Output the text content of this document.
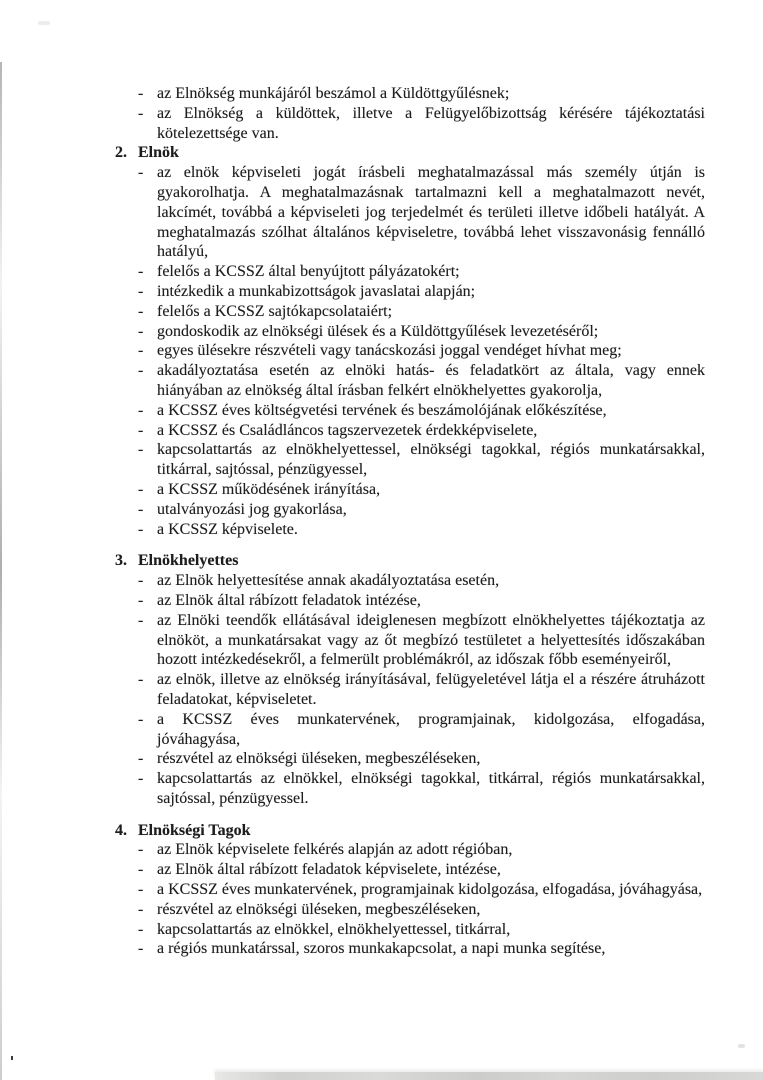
- az Elnökség munkájáról beszámol a Küldöttgyűlésnek;
- az Elnökség a küldöttek, illetve a Felügyelőbizottság kérésére tájékoztatási kötelezettsége van.
2. Elnök
- az elnök képviseleti jogát írásbeli meghatalmazással más személy útján is gyakorolhatja. A meghatalmazásnak tartalmazni kell a meghatalmazott nevét, lakcímét, továbbá a képviseleti jog terjedelmét és területi illetve időbeli hatályát. A meghatalmazás szólhat általános képviseletre, továbbá lehet visszavonásig fennálló hatályú,
- felelős a KCSSZ által benyújtott pályázatokért;
- intézkedik a munkabizottságok javaslatai alapján;
- felelős a KCSSZ sajtókapcsolataiért;
- gondoskodik az elnökségi ülések és a Küldöttgyűlések levezetéséről;
- egyes ülésekre részvételi vagy tanácskozási joggal vendéget hívhat meg;
- akadályoztatása esetén az elnöki hatás- és feladatkört az általa, vagy ennek hiányában az elnökség által írásban felkért elnökhelyettes gyakorolja,
- a KCSSZ éves költségvetési tervének és beszámolójának előkészítése,
- a KCSSZ és Családláncos tagszervezetek érdekképviselete,
- kapcsolattartás az elnökhelyettessel, elnökségi tagokkal, régiós munkatársakkal, titkárral, sajtóssal, pénzügyessel,
- a KCSSZ működésének irányítása,
- utalványozási jog gyakorlása,
- a KCSSZ képviselete.
3. Elnökhelyettes
- az Elnök helyettesítése annak akadályoztatása esetén,
- az Elnök által rábízott feladatok intézése,
- az Elnöki teendők ellátásával ideiglenesen megbízott elnökhelyettes tájékoztatja az elnököt, a munkatársakat vagy az őt megbízó testületet a helyettesítés időszakában hozott intézkedésekről, a felmerült problémákról, az időszak főbb eseményeiről,
- az elnök, illetve az elnökség irányításával, felügyeletével látja el a részére átruházott feladatokat, képviseletet.
- a KCSSZ éves munkatervének, programjainak, kidolgozása, elfogadása, jóváhagyása,
- részvétel az elnökségi üléseken, megbeszéléseken,
- kapcsolattartás az elnökkel, elnökségi tagokkal, titkárral, régiós munkatársakkal, sajtóssal, pénzügyessel.
4. Elnökségi Tagok
- az Elnök képviselete felkérés alapján az adott régióban,
- az Elnök által rábízott feladatok képviselete, intézése,
- a KCSSZ éves munkatervének, programjainak kidolgozása, elfogadása, jóváhagyása,
- részvétel az elnökségi üléseken, megbeszéléseken,
- kapcsolattartás az elnökkel, elnökhelyettessel, titkárral,
- a régiós munkatárssal, szoros munkakapcsolat, a napi munka segítése,
